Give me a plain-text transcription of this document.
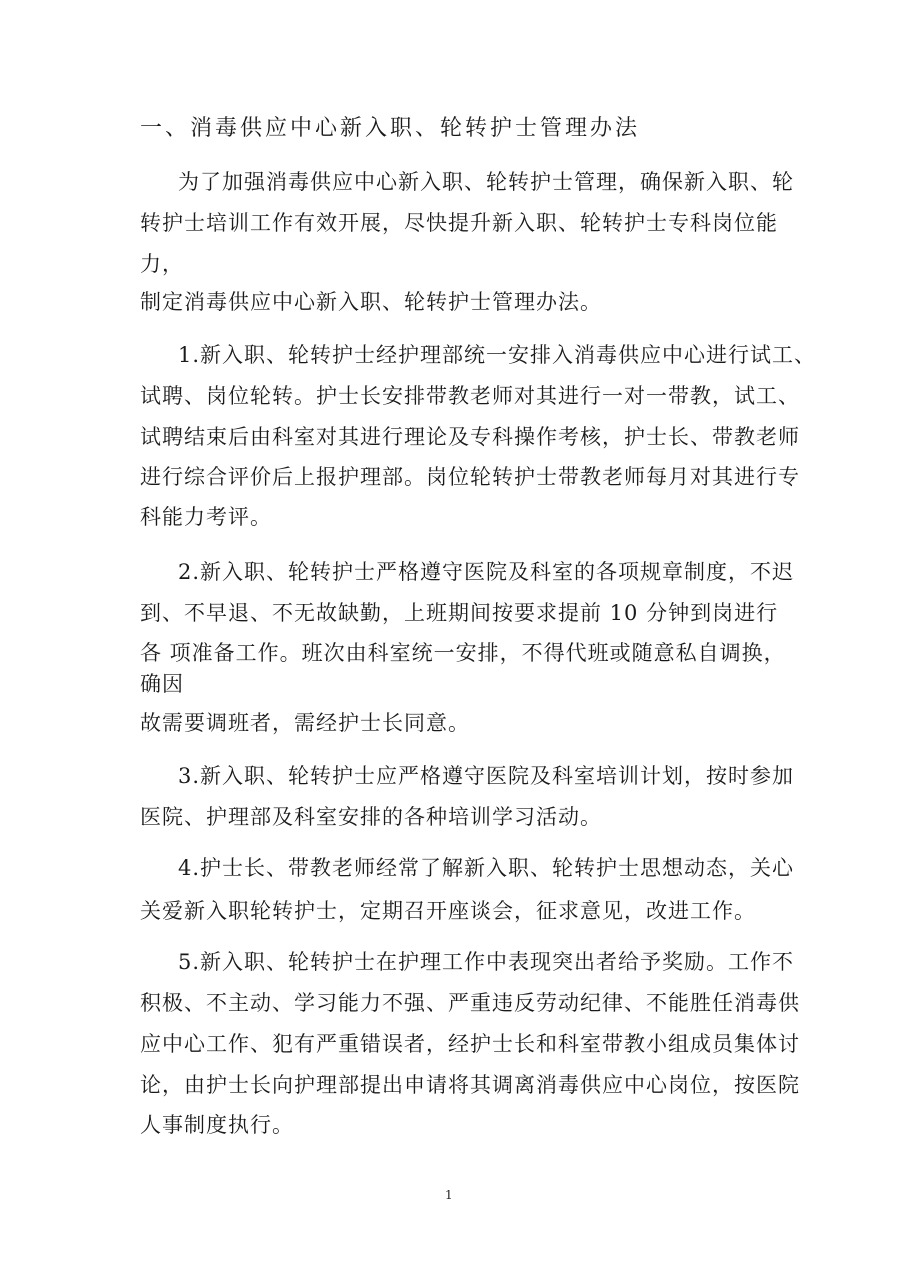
一、消毒供应中心新入职、轮转护士管理办法
为了加强消毒供应中心新入职、轮转护士管理，确保新入职、轮
转护士培训工作有效开展，尽快提升新入职、轮转护士专科岗位能
力，
制定消毒供应中心新入职、轮转护士管理办法。
1.新入职、轮转护士经护理部统一安排入消毒供应中心进行试工、
试聘、岗位轮转。护士长安排带教老师对其进行一对一带教，试工、
试聘结束后由科室对其进行理论及专科操作考核，护士长、带教老师
进行综合评价后上报护理部。岗位轮转护士带教老师每月对其进行专
科能力考评。
2.新入职、轮转护士严格遵守医院及科室的各项规章制度，不迟
到、不早退、不无故缺勤，上班期间按要求提前 10 分钟到岗进行
各 项准备工作。班次由科室统一安排，不得代班或随意私自调换，
确因
故需要调班者，需经护士长同意。
3.新入职、轮转护士应严格遵守医院及科室培训计划，按时参加
医院、护理部及科室安排的各种培训学习活动。
4.护士长、带教老师经常了解新入职、轮转护士思想动态，关心
关爱新入职轮转护士，定期召开座谈会，征求意见，改进工作。
5.新入职、轮转护士在护理工作中表现突出者给予奖励。工作不
积极、不主动、学习能力不强、严重违反劳动纪律、不能胜任消毒供
应中心工作、犯有严重错误者，经护士长和科室带教小组成员集体讨
论，由护士长向护理部提出申请将其调离消毒供应中心岗位，按医院
人事制度执行。
1
